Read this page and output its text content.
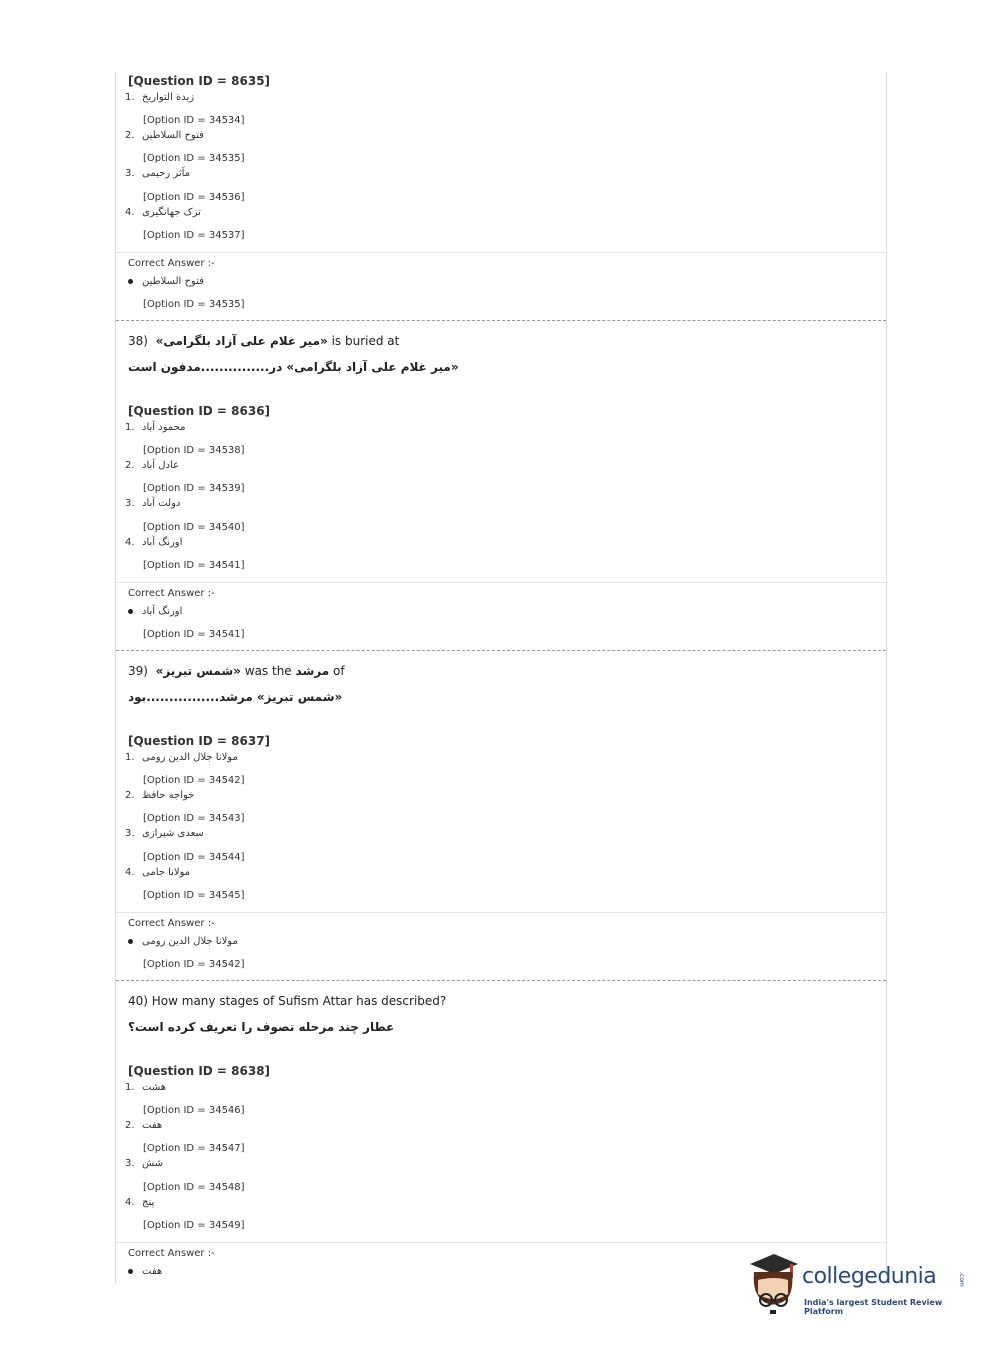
[Question ID = 8635]
1. زبدة التواريخ
[Option ID = 34534]
2. فتوح السلاطین
[Option ID = 34535]
3. مآثر رحیمی
[Option ID = 34536]
4. تزک جهانگیری
[Option ID = 34537]
Correct Answer :-
فتوح السلاطین
[Option ID = 34535]
38) «میر غلام علی آزاد بلگرامی» is buried at
«میر غلام علی آزاد بلگرامی» در...............مدفون است
[Question ID = 8636]
1. محمود آباد
[Option ID = 34538]
2. عادل آباد
[Option ID = 34539]
3. دولت آباد
[Option ID = 34540]
4. اورنگ آباد
[Option ID = 34541]
Correct Answer :-
اورنگ آباد
[Option ID = 34541]
39) «شمس تبریز» was the مرشد of
«شمس تبریز» مرشد................بود
[Question ID = 8637]
1. مولانا جلال الدین رومی
[Option ID = 34542]
2. خواجه حافظ
[Option ID = 34543]
3. سعدی شیرازی
[Option ID = 34544]
4. مولانا جامی
[Option ID = 34545]
Correct Answer :-
مولانا جلال الدین رومی
[Option ID = 34542]
40) How many stages of Sufism Attar has described?
عطار چند مرحله تصوف را تعریف کرده است؟
[Question ID = 8638]
1. هشت
[Option ID = 34546]
2. هفت
[Option ID = 34547]
3. شش
[Option ID = 34548]
4. پنج
[Option ID = 34549]
Correct Answer :-
هفت	collegedunia	.com
India's largest Student Review Platform
